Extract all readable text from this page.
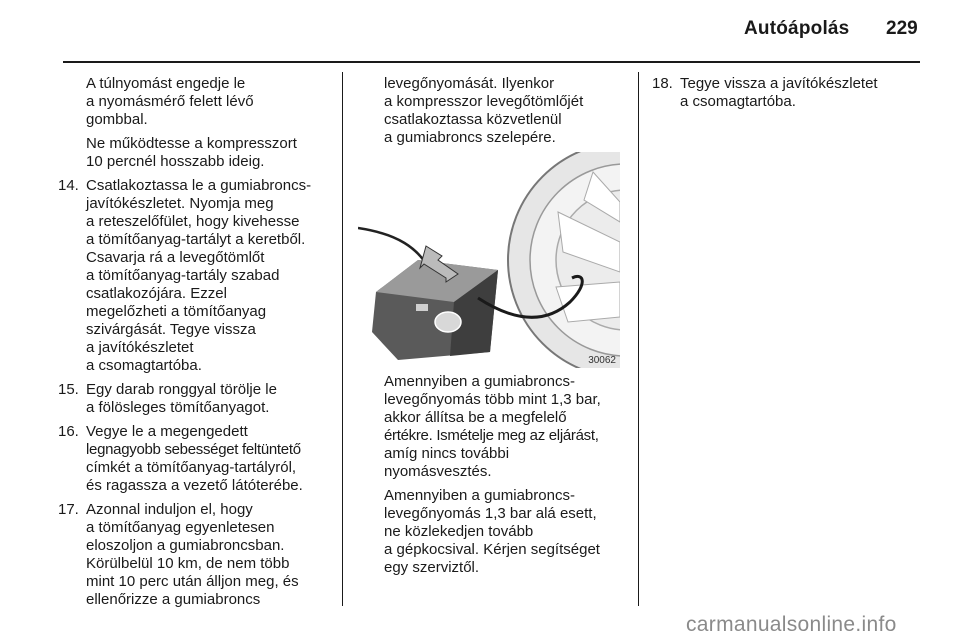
Autóápolás 229
A túlnyomást engedje le
a nyomásmérő felett lévő
gombbal.
Ne működtesse a kompresszort
10 percnél hosszabb ideig.
14. Csatlakoztassa le a gumiabroncs-
javítókészletet. Nyomja meg
a reteszelőfület, hogy kivehesse
a tömítőanyag-tartályt a keretből.
Csavarja rá a levegőtömlőt
a tömítőanyag-tartály szabad
csatlakozójára. Ezzel
megelőzheti a tömítőanyag
szivárgását. Tegye vissza
a javítókészletet
a csomagtartóba.
15. Egy darab ronggyal törölje le
a fölösleges tömítőanyagot.
16. Vegye le a megengedett
legnagyobb sebességet feltüntető
címkét a tömítőanyag-tartályról,
és ragassza a vezető látóterébe.
17. Azonnal induljon el, hogy
a tömítőanyag egyenletesen
eloszoljon a gumiabroncsban.
Körülbelül 10 km, de nem több
mint 10 perc után álljon meg, és
ellenőrizze a gumiabroncs
levegőnyomását. Ilyenkor
a kompresszor levegőtömlőjét
csatlakoztassa közvetlenül
a gumiabroncs szelepére.
30062
Amennyiben a gumiabroncs-
levegőnyomás több mint 1,3 bar,
akkor állítsa be a megfelelő
értékre. Ismételje meg az eljárást,
amíg nincs további
nyomásvesztés.
Amennyiben a gumiabroncs-
levegőnyomás 1,3 bar alá esett,
ne közlekedjen tovább
a gépkocsival. Kérjen segítséget
egy szerviztől.
18. Tegye vissza a javítókészletet
a csomagtartóba.
carmanualsonline.info
